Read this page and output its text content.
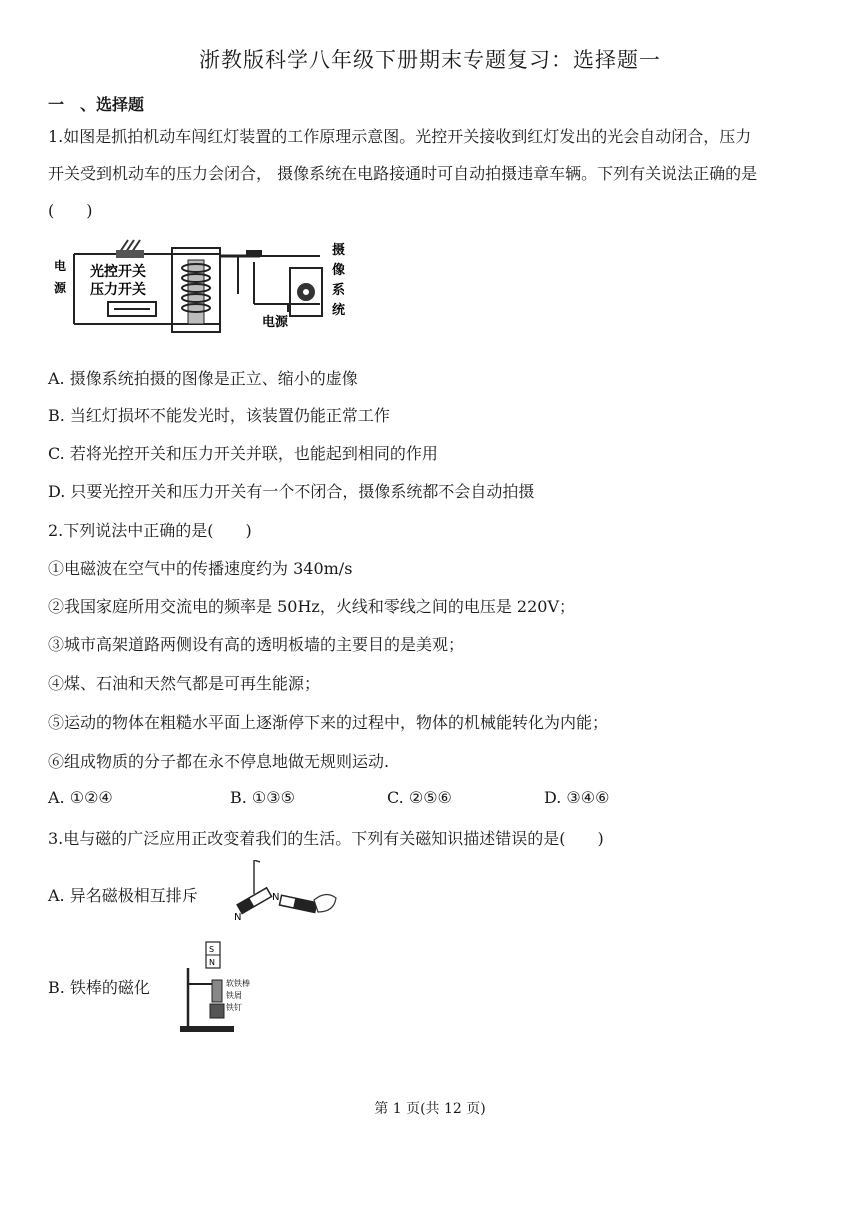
浙教版科学八年级下册期末专题复习：选择题一
一　、选择题
1.如图是抓拍机动车闯红灯装置的工作原理示意图。光控开关接收到红灯发出的光会自动闭合，压力
开关受到机动车的压力会闭合， 摄像系统在电路接通时可自动拍摄违章车辆。下列有关说法正确的是
(　　)
电
源
光控开关
压力开关
电源
摄
像
系
统
A. 摄像系统拍摄的图像是正立、缩小的虚像
B. 当红灯损坏不能发光时，该装置仍能正常工作
C. 若将光控开关和压力开关并联，也能起到相同的作用
D. 只要光控开关和压力开关有一个不闭合，摄像系统都不会自动拍摄
2.下列说法中正确的是(　　)
①电磁波在空气中的传播速度约为 340m/s
②我国家庭所用交流电的频率是 50Hz，火线和零线之间的电压是 220V；
③城市高架道路两侧设有高的透明板墙的主要目的是美观；
④煤、石油和天然气都是可再生能源；
⑤运动的物体在粗糙水平面上逐渐停下来的过程中，物体的机械能转化为内能；
⑥组成物质的分子都在永不停息地做无规则运动.
A. ①②④	B. ①③⑤	C. ②⑤⑥	D. ③④⑥
3.电与磁的广泛应用正改变着我们的生活。下列有关磁知识描述错误的是(　　)
A. 异名磁极相互排斥
N
N
B. 铁棒的磁化
S
N
软铁棒
铁屑
铁钉
第 1 页(共 12 页)
